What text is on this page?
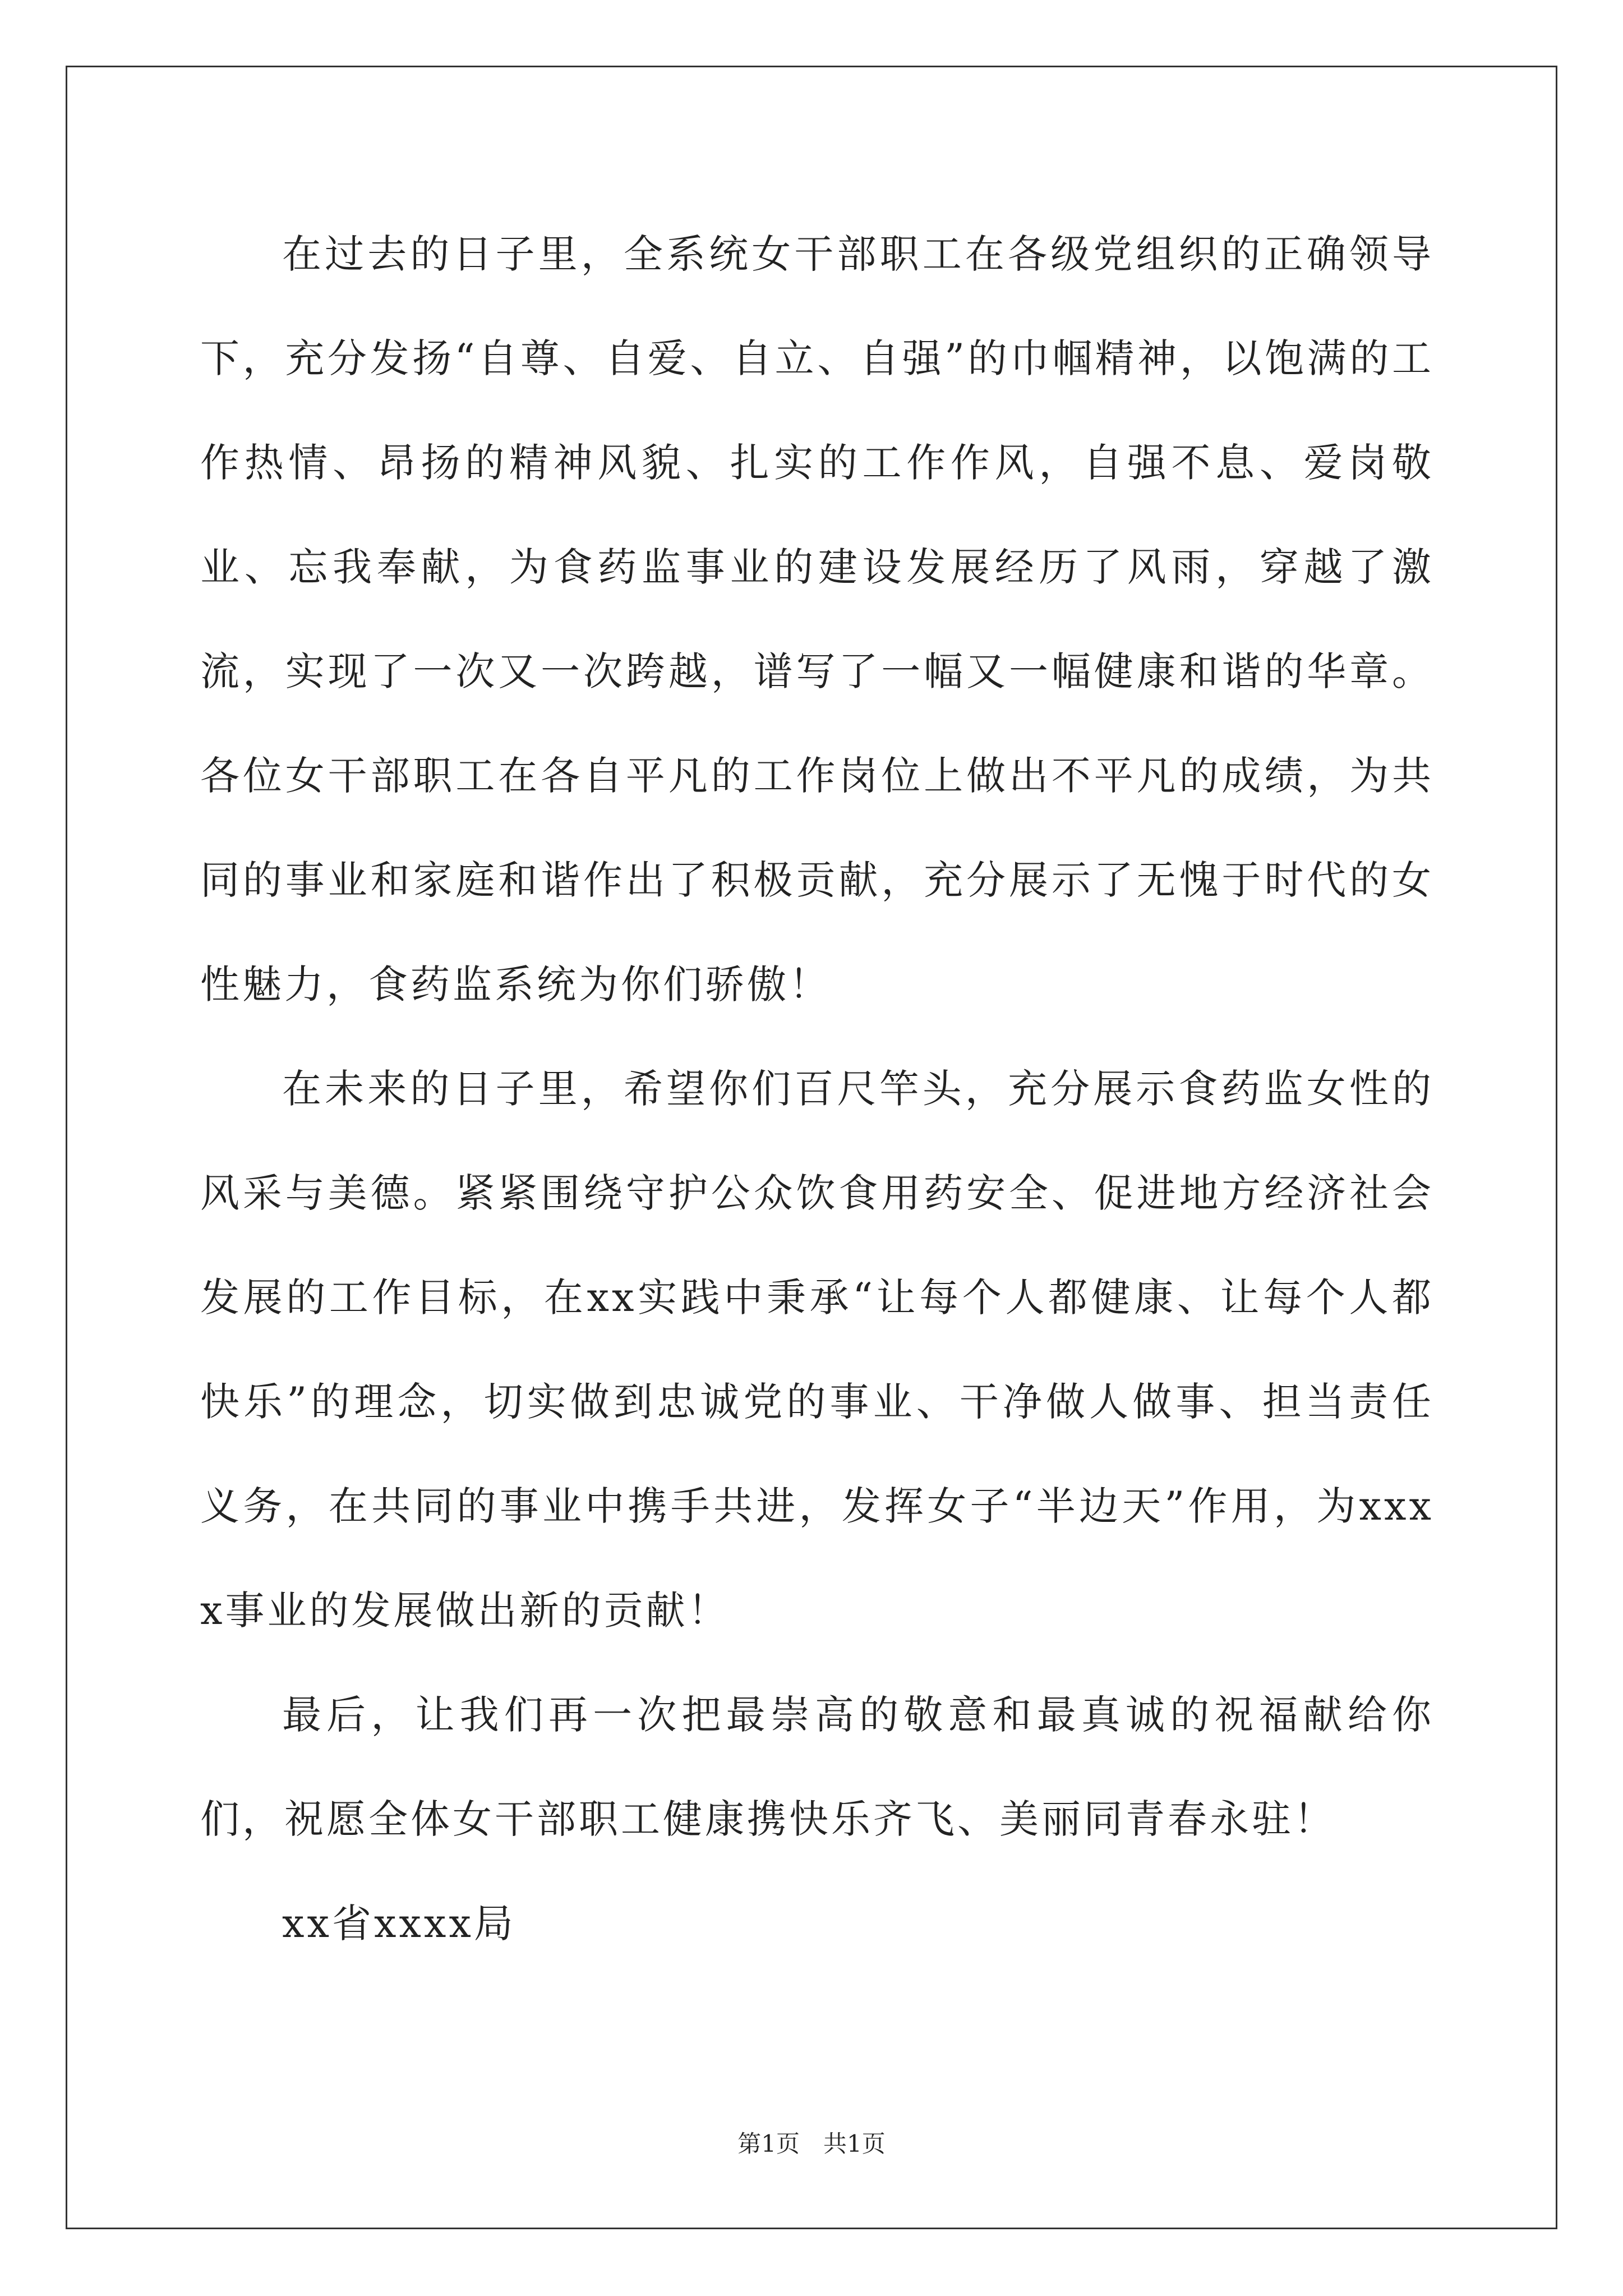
在过去的日子里，全系统女干部职工在各级党组织的正确领导下，充分发扬“自尊、自爱、自立、自强”的巾帼精神，以饱满的工作热情、昂扬的精神风貌、扎实的工作作风，自强不息、爱岗敬业、忘我奉献，为食药监事业的建设发展经历了风雨，穿越了激流，实现了一次又一次跨越，谱写了一幅又一幅健康和谐的华章。各位女干部职工在各自平凡的工作岗位上做出不平凡的成绩，为共同的事业和家庭和谐作出了积极贡献，充分展示了无愧于时代的女性魅力，食药监系统为你们骄傲！

在未来的日子里，希望你们百尺竿头，充分展示食药监女性的风采与美德。紧紧围绕守护公众饮食用药安全、促进地方经济社会发展的工作目标，在xx实践中秉承“让每个人都健康、让每个人都快乐”的理念，切实做到忠诚党的事业、干净做人做事、担当责任义务，在共同的事业中携手共进，发挥女子“半边天”作用，为xxxx事业的发展做出新的贡献！

最后，让我们再一次把最崇高的敬意和最真诚的祝福献给你们，祝愿全体女干部职工健康携快乐齐飞、美丽同青春永驻！

xx省xxxx局

第1页　共1页
